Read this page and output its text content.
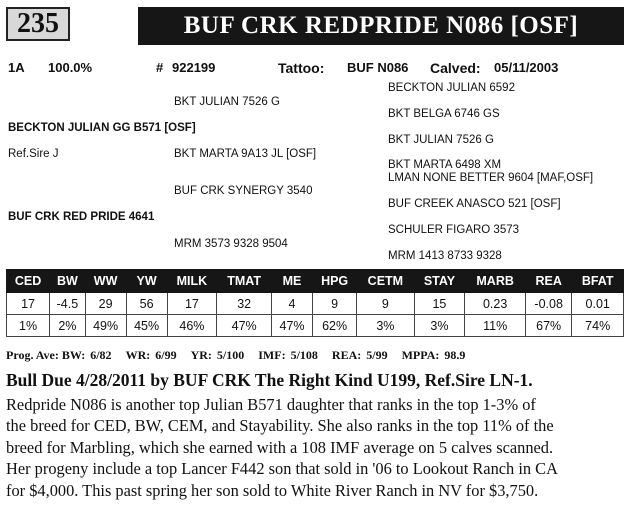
235	BUF CRK REDPRIDE N086 [OSF]
1A 100.0%	# 922199	Tattoo: BUF N086 Calved: 05/11/2003
BECKTON JULIAN 6592
BKT JULIAN 7526 G
BKT BELGA 6746 GS
BECKTON JULIAN GG B571 [OSF]
BKT JULIAN 7526 G
Ref.Sire J	BKT MARTA 9A13 JL [OSF]
BKT MARTA 6498 XM
LMAN NONE BETTER 9604 [MAF,OSF]
BUF CRK SYNERGY 3540
BUF CREEK ANASCO 521 [OSF]
BUF CRK RED PRIDE 4641
SCHULER FIGARO 3573
MRM 3573 9328 9504
MRM 1413 8733 9328
CED	BW	WW	YW	MILK	TMAT	ME	HPG	CETM	STAY	MARB	REA	BFAT
17	-4.5	29	56	17	32	4	9	9	15	0.23	-0.08	0.01
1%	2%	49%	45%	46%	47%	47%	62%	3%	3%	11%	67%	74%
Prog. Ave: BW: 6/82 WR: 6/99 YR: 5/100 IMF: 5/108 REA: 5/99 MPPA: 98.9
Bull Due 4/28/2011 by BUF CRK The Right Kind U199, Ref.Sire LN-1.
Redpride N086 is another top Julian B571 daughter that ranks in the top 1-3% of
the breed for CED, BW, CEM, and Stayability. She also ranks in the top 11% of the
breed for Marbling, which she earned with a 108 IMF average on 5 calves scanned.
Her progeny include a top Lancer F442 son that sold in '06 to Lookout Ranch in CA
for $4,000. This past spring her son sold to White River Ranch in NV for $3,750.
